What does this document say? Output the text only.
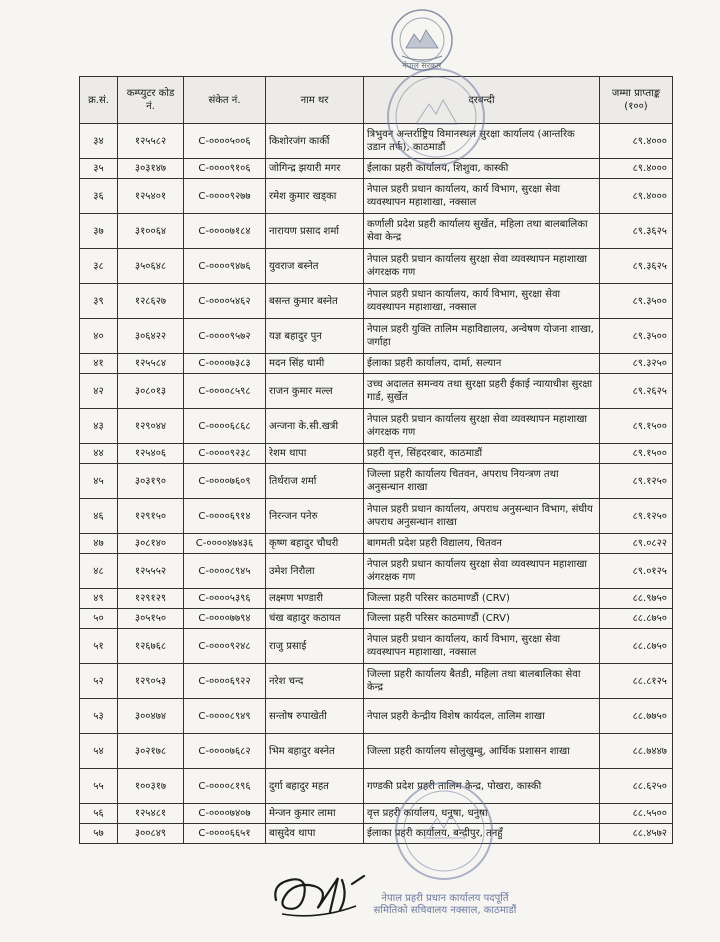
नेपाल सरकार
क्र.सं.	कम्प्युटर कोड नं.	संकेत नं.	नाम थर	दरबन्दी	जम्मा प्राप्ताङ्क (१००)
३४	१२५५८२	C-००००५००६	किशोरजंग कार्की	त्रिभुवन अन्तर्राष्ट्रिय विमानस्थल सुरक्षा कार्यालय (आन्तरिक उडान तर्फ), काठमाडौं	८९.४०००
३५	३०३१४७	C-००००९१०६	जोगिन्द्र झयारी मगर	ईलाका प्रहरी कार्यालय, शिशुवा, कास्की	८९.४०००
३६	१२५४०१	C-००००९२७७	रमेश कुमार खड्का	नेपाल प्रहरी प्रधान कार्यालय, कार्य विभाग, सुरक्षा सेवा व्यवस्थापन महाशाखा, नक्साल	८९.४०००
३७	३१००६४	C-००००७१८४	नारायण प्रसाद शर्मा	कर्णाली प्रदेश प्रहरी कार्यालय सुर्खेत, महिला तथा बालबालिका सेवा केन्द्र	८९.३६२५
३८	३५०६४८	C-००००९४७६	युवराज बस्नेत	नेपाल प्रहरी प्रधान कार्यालय सुरक्षा सेवा व्यवस्थापन महाशाखा अंगरक्षक गण	८९.३६२५
३९	१२८६२७	C-००००५४६२	बसन्त कुमार बस्नेत	नेपाल प्रहरी प्रधान कार्यालय, कार्य विभाग, सुरक्षा सेवा व्यवस्थापन महाशाखा, नक्साल	८९.३५००
४०	३०६४२२	C-००००९५७२	यज्ञ बहादुर पुन	नेपाल प्रहरी युक्ति तालिम महाविद्यालय, अन्वेषण योजना शाखा, जर्गाहा	८९.३५००
४१	१२५५८४	C-००००७३८३	मदन सिंह धामी	ईलाका प्रहरी कार्यालय, दार्मा, सल्यान	८९.३२५०
४२	३०८०१३	C-००००८५९८	राजन कुमार मल्ल	उच्च अदालत समन्वय तथा सुरक्षा प्रहरी ईकाई न्यायाधीश सुरक्षा गार्ड, सुर्खेत	८९.२६२५
४३	१२९०४४	C-००००६८६८	अन्जना के.सी.खत्री	नेपाल प्रहरी प्रधान कार्यालय सुरक्षा सेवा व्यवस्थापन महाशाखा अंगरक्षक गण	८९.१५००
४४	१२५४०६	C-००००९२३८	रेशम थापा	प्रहरी वृत्त, सिंहदरबार, काठमाडौं	८९.१५००
४५	३०३१९०	C-००००७६०९	तिर्थराज शर्मा	जिल्ला प्रहरी कार्यालय चितवन, अपराध नियन्त्रण तथा अनुसन्धान शाखा	८९.१२५०
४६	१२९१५०	C-००००६९१४	निरन्जन पनेरु	नेपाल प्रहरी प्रधान कार्यालय, अपराध अनुसन्धान विभाग, संघीय अपराध अनुसन्धान शाखा	८९.१२५०
४७	३०८१४०	C-००००४७४३६	कृष्ण बहादुर चौधरी	बागमती प्रदेश प्रहरी विद्यालय, चितवन	८९.०८२२
४८	१२५५५२	C-००००८९४५	उमेश निरौला	नेपाल प्रहरी प्रधान कार्यालय सुरक्षा सेवा व्यवस्थापन महाशाखा अंगरक्षक गण	८९.०१२५
४९	१२९१२९	C-००००५३९६	लक्ष्मण भण्डारी	जिल्ला प्रहरी परिसर काठमाण्डौं (CRV)	८८.९७५०
५०	३०५१५०	C-००००७७९४	चंख बहादुर कठायत	जिल्ला प्रहरी परिसर काठमाण्डौं (CRV)	८८.८७५०
५१	१२६७६८	C-००००९२४८	राजु प्रसाई	नेपाल प्रहरी प्रधान कार्यालय, कार्य विभाग, सुरक्षा सेवा व्यवस्थापन महाशाखा, नक्साल	८८.८७५०
५२	१२९०५३	C-००००६९२२	नरेश चन्द	जिल्ला प्रहरी कार्यालय बैतडी, महिला तथा बालबालिका सेवा केन्द्र	८८.८१२५
५३	३००४७४	C-००००८९४९	सन्तोष रुपाखेती	नेपाल प्रहरी केन्द्रीय विशेष कार्यदल, तालिम शाखा	८८.७७५०
५४	३०२१७८	C-००००७६८२	भिम बहादुर बस्नेत	जिल्ला प्रहरी कार्यालय सोलुखुम्बु, आर्थिक प्रशासन शाखा	८८.७४४७
५५	१००३१७	C-००००८१९६	दुर्गा बहादुर महत	गण्डकी प्रदेश प्रहरी तालिम केन्द्र, पोखरा, कास्की	८८.६२५०
५६	१२५४८१	C-००००७४०७	मेन्जन कुमार लामा	वृत्त प्रहरी कार्यालय, धनुषा, धनुषा	८८.५५००
५७	३००८४९	C-००००६६५१	बासुदेव थापा	ईलाका प्रहरी कार्यालय, बन्दीपुर, तनहुँ	८८.४५७२
नेपाल प्रहरी प्रधान कार्यालय पदपूर्ति समितिको सचिवालय नक्साल, काठमाडौं
